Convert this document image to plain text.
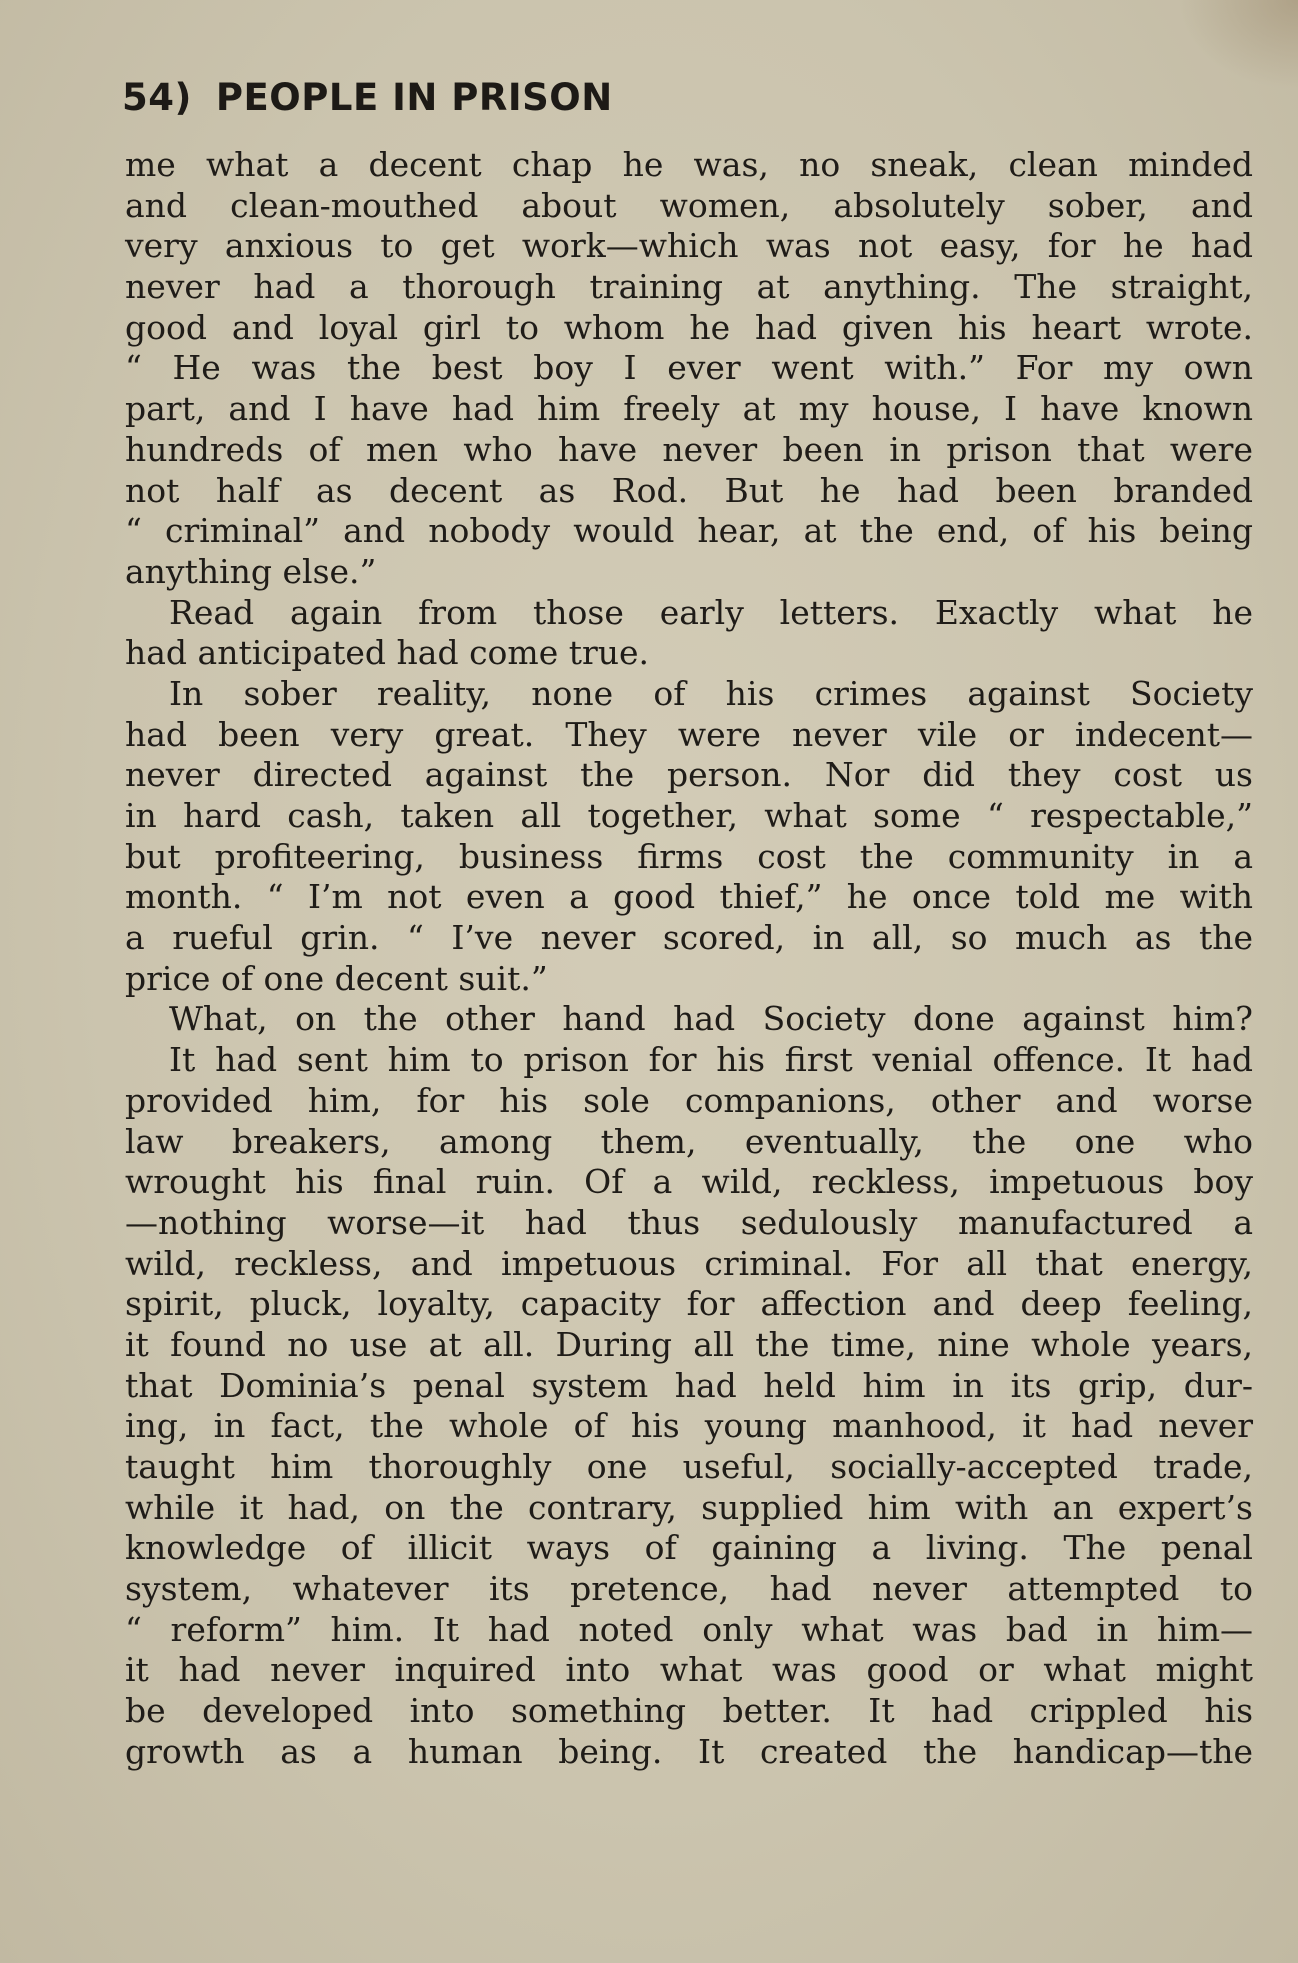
54) PEOPLE IN PRISON
me what a decent chap he was, no sneak, clean minded
and clean-mouthed about women, absolutely sober, and
very anxious to get work—which was not easy, for he had
never had a thorough training at anything. The straight,
good and loyal girl to whom he had given his heart wrote.
“ He was the best boy I ever went with.” For my own
part, and I have had him freely at my house, I have known
hundreds of men who have never been in prison that were
not half as decent as Rod. But he had been branded
“ criminal” and nobody would hear, at the end, of his being
anything else.”
Read again from those early letters. Exactly what he
had anticipated had come true.
In sober reality, none of his crimes against Society
had been very great. They were never vile or indecent—
never directed against the person. Nor did they cost us
in hard cash, taken all together, what some “ respectable,”
but profiteering, business firms cost the community in a
month. “ I’m not even a good thief,” he once told me with
a rueful grin. “ I’ve never scored, in all, so much as the
price of one decent suit.”
What, on the other hand had Society done against him?
It had sent him to prison for his first venial offence. It had
provided him, for his sole companions, other and worse
law breakers, among them, eventually, the one who
wrought his final ruin. Of a wild, reckless, impetuous boy
—nothing worse—it had thus sedulously manufactured a
wild, reckless, and impetuous criminal. For all that energy,
spirit, pluck, loyalty, capacity for affection and deep feeling,
it found no use at all. During all the time, nine whole years,
that Dominia’s penal system had held him in its grip, dur-
ing, in fact, the whole of his young manhood, it had never
taught him thoroughly one useful, socially-accepted trade,
while it had, on the contrary, supplied him with an expert’s
knowledge of illicit ways of gaining a living. The penal
system, whatever its pretence, had never attempted to
“ reform” him. It had noted only what was bad in him—
it had never inquired into what was good or what might
be developed into something better. It had crippled his
growth as a human being. It created the handicap—the
